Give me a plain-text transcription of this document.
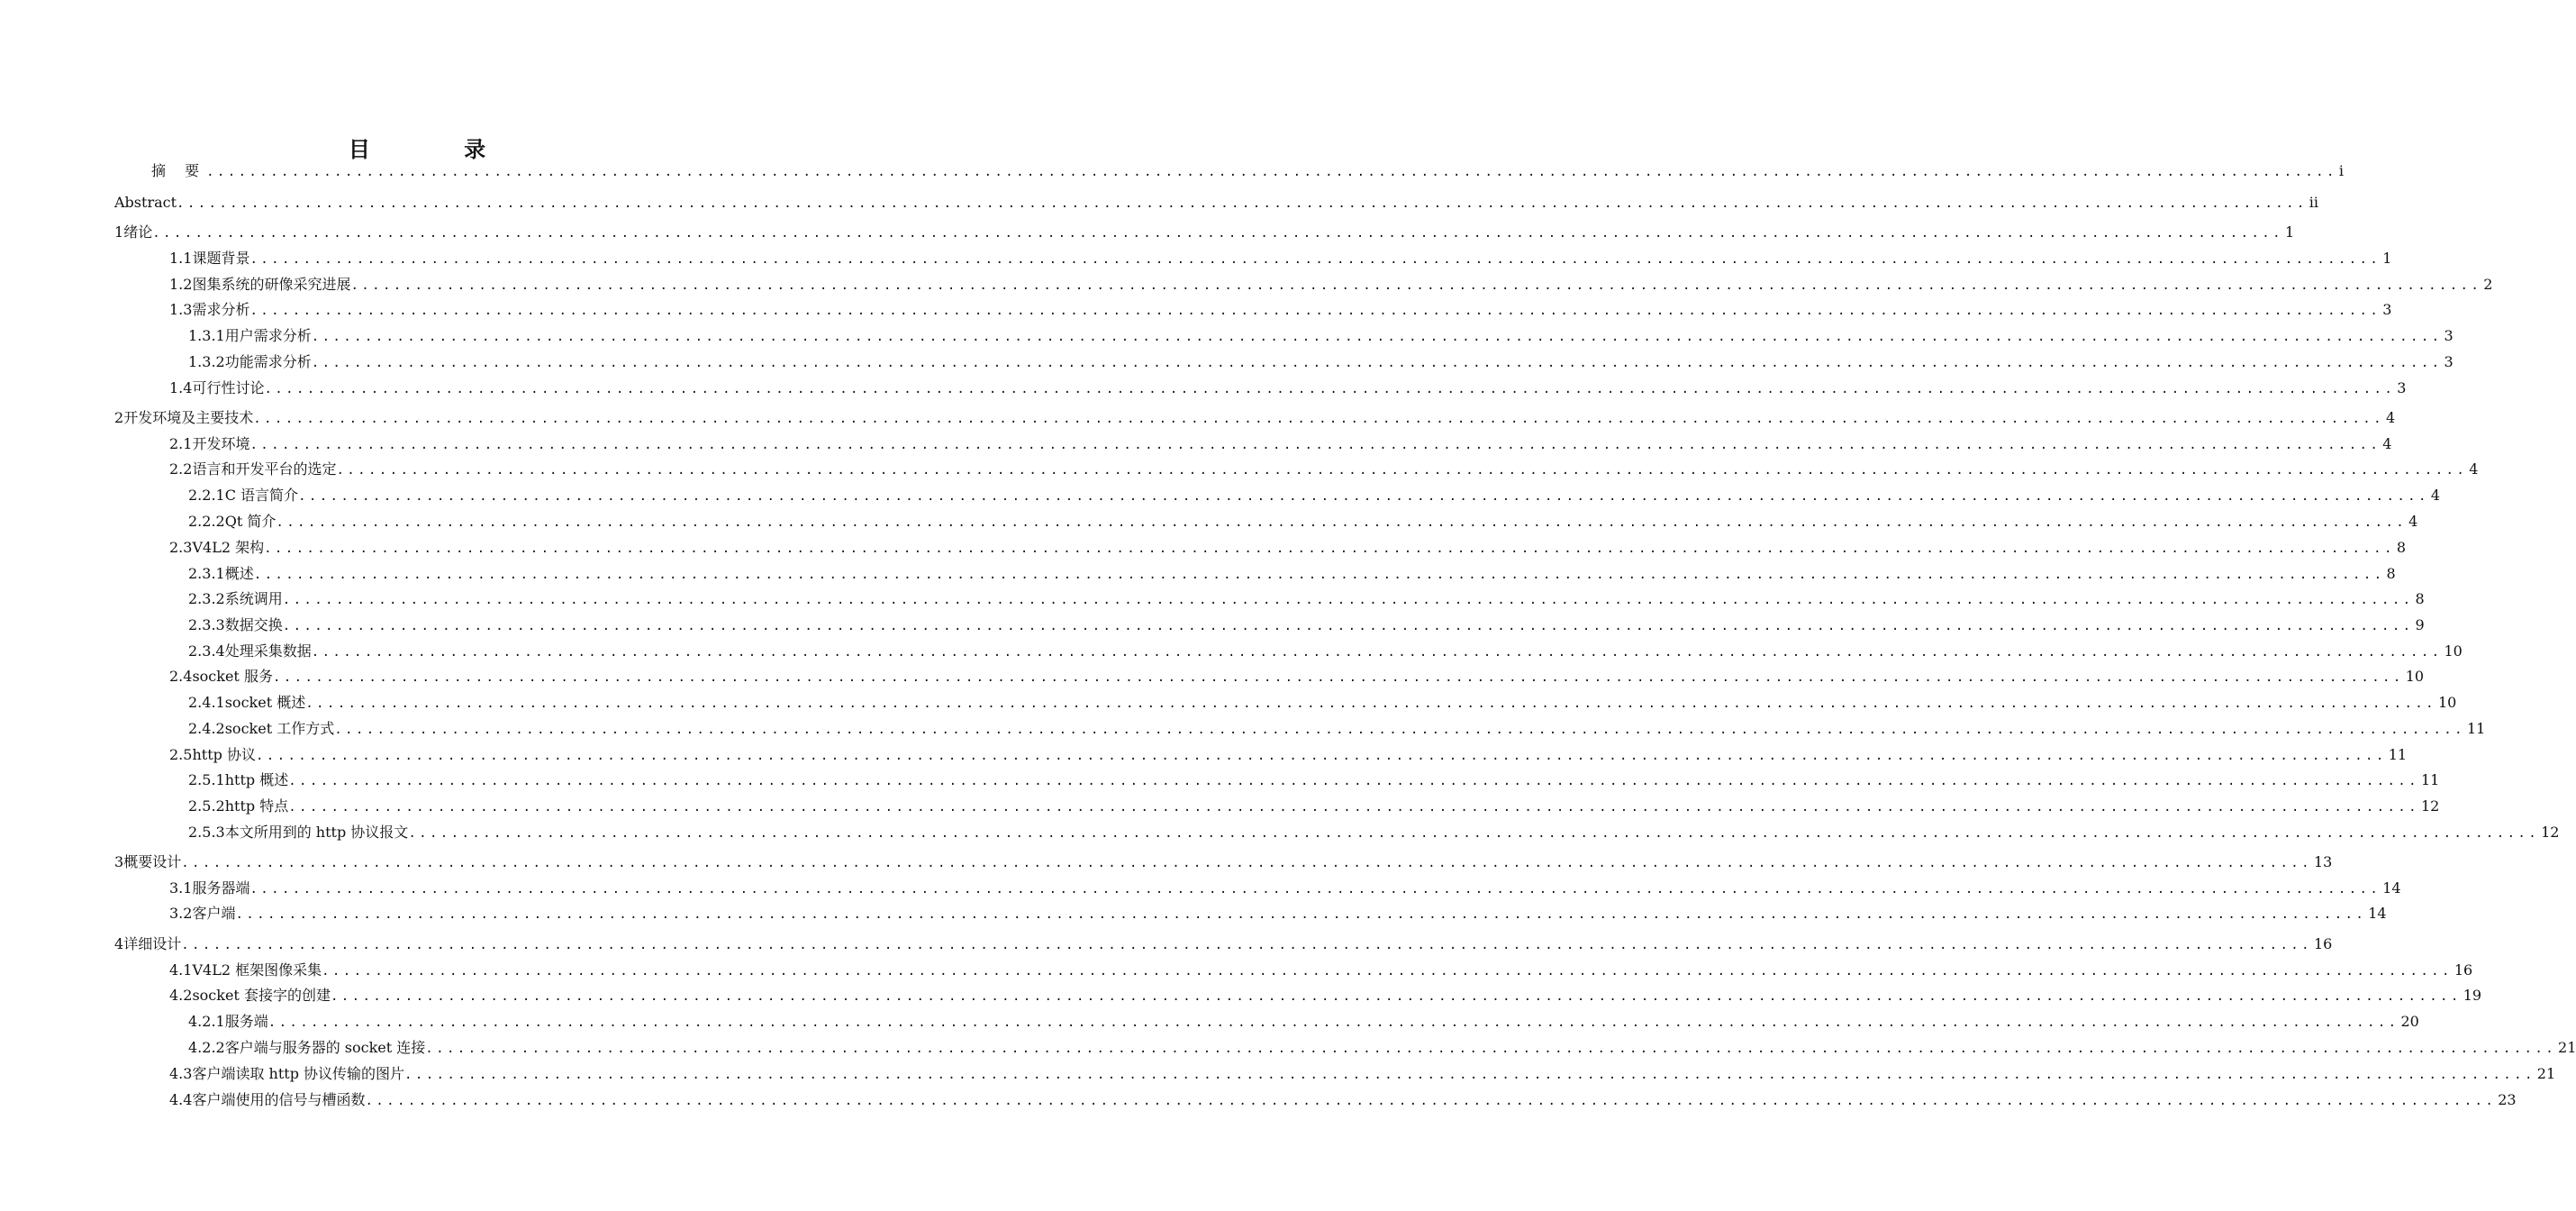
目 录
摘 要 ........................................................................................................................................................................................................ i
Abstract ........................................................................................................................................................................................................ ii
1 绪论 ........................................................................................................................................................................................................ 1
1.1 课题背景 ........................................................................................................................................................................................................ 1
1.2 图集系统的研像采究进展 ........................................................................................................................................................................................................ 2
1.3 需求分析 ........................................................................................................................................................................................................ 3
1.3.1 用户需求分析 ........................................................................................................................................................................................................ 3
1.3.2 功能需求分析 ........................................................................................................................................................................................................ 3
1.4 可行性讨论 ........................................................................................................................................................................................................ 3
2 开发环境及主要技术 ........................................................................................................................................................................................................ 4
2.1 开发环境 ........................................................................................................................................................................................................ 4
2.2 语言和开发平台的选定 ........................................................................................................................................................................................................ 4
2.2.1 C 语言简介 ........................................................................................................................................................................................................ 4
2.2.2 Qt 简介 ........................................................................................................................................................................................................ 4
2.3 V4L2 架构 ........................................................................................................................................................................................................ 8
2.3.1 概述 ........................................................................................................................................................................................................ 8
2.3.2 系统调用 ........................................................................................................................................................................................................ 8
2.3.3 数据交换 ........................................................................................................................................................................................................ 9
2.3.4 处理采集数据 ........................................................................................................................................................................................................ 10
2.4 socket 服务 ........................................................................................................................................................................................................ 10
2.4.1 socket 概述 ........................................................................................................................................................................................................ 10
2.4.2 socket 工作方式 ........................................................................................................................................................................................................ 11
2.5 http 协议 ........................................................................................................................................................................................................ 11
2.5.1 http 概述 ........................................................................................................................................................................................................ 11
2.5.2 http 特点 ........................................................................................................................................................................................................ 12
2.5.3 本文所用到的 http 协议报文 ........................................................................................................................................................................................................ 12
3 概要设计 ........................................................................................................................................................................................................ 13
3.1 服务器端 ........................................................................................................................................................................................................ 14
3.2 客户端 ........................................................................................................................................................................................................ 14
4 详细设计 ........................................................................................................................................................................................................ 16
4.1 V4L2 框架图像采集 ........................................................................................................................................................................................................ 16
4.2 socket 套接字的创建 ........................................................................................................................................................................................................ 19
4.2.1 服务端 ........................................................................................................................................................................................................ 20
4.2.2 客户端与服务器的 socket 连接 ........................................................................................................................................................................................................ 21
4.3 客户端读取 http 协议传输的图片 ........................................................................................................................................................................................................ 21
4.4 客户端使用的信号与槽函数 ........................................................................................................................................................................................................ 23
